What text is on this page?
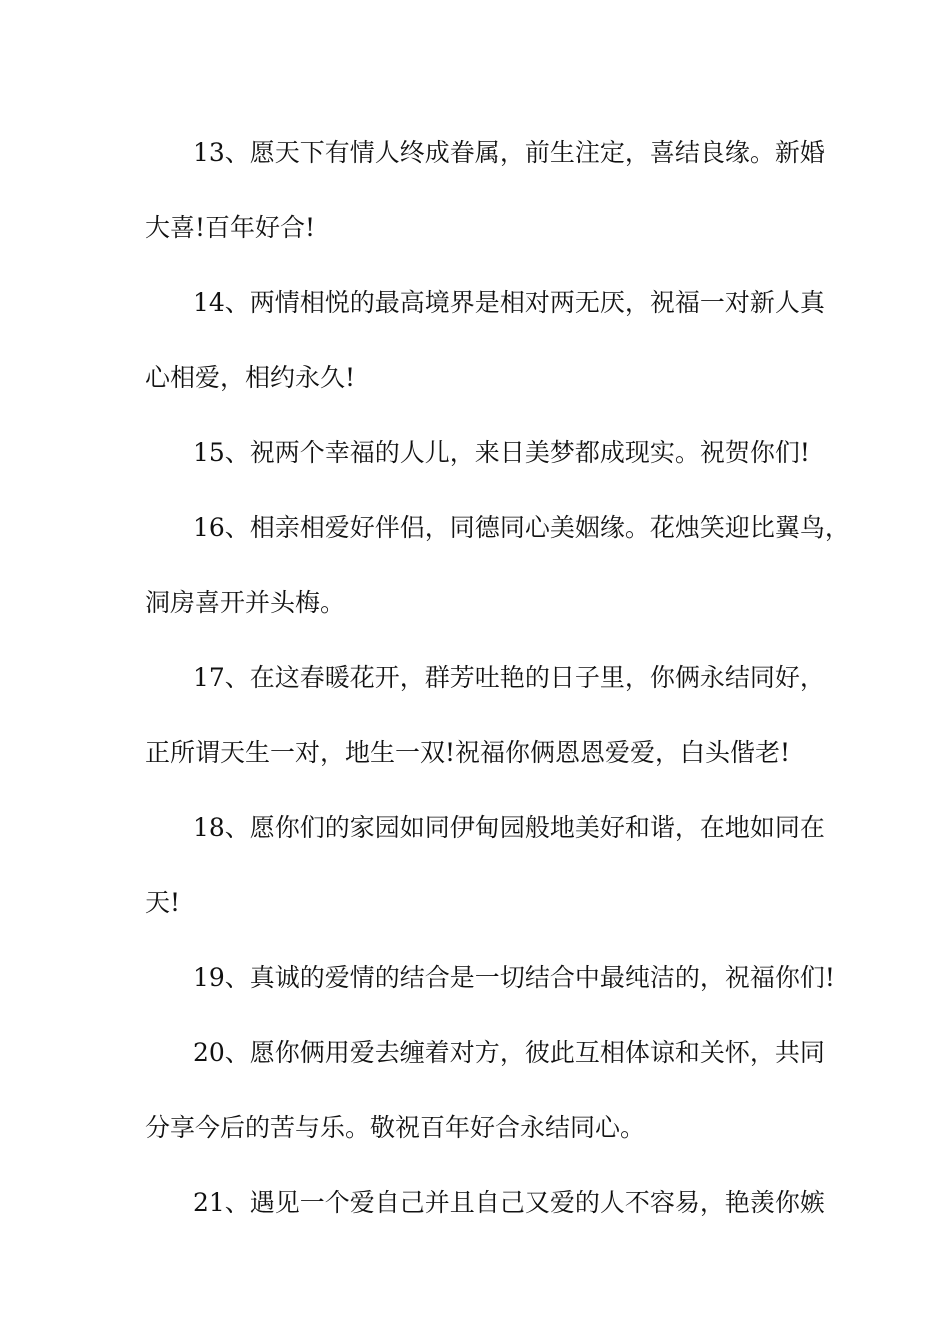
13、愿天下有情人终成眷属，前生注定，喜结良缘。新婚
大喜!百年好合!
14、两情相悦的最高境界是相对两无厌，祝福一对新人真
心相爱，相约永久!
15、祝两个幸福的人儿，来日美梦都成现实。祝贺你们!
16、相亲相爱好伴侣，同德同心美姻缘。花烛笑迎比翼鸟，
洞房喜开并头梅。
17、在这春暖花开，群芳吐艳的日子里，你俩永结同好，
正所谓天生一对，地生一双!祝福你俩恩恩爱爱，白头偕老!
18、愿你们的家园如同伊甸园般地美好和谐，在地如同在
天!
19、真诚的爱情的结合是一切结合中最纯洁的，祝福你们!
20、愿你俩用爱去缠着对方，彼此互相体谅和关怀，共同
分享今后的苦与乐。敬祝百年好合永结同心。
21、遇见一个爱自己并且自己又爱的人不容易，艳羡你嫉
